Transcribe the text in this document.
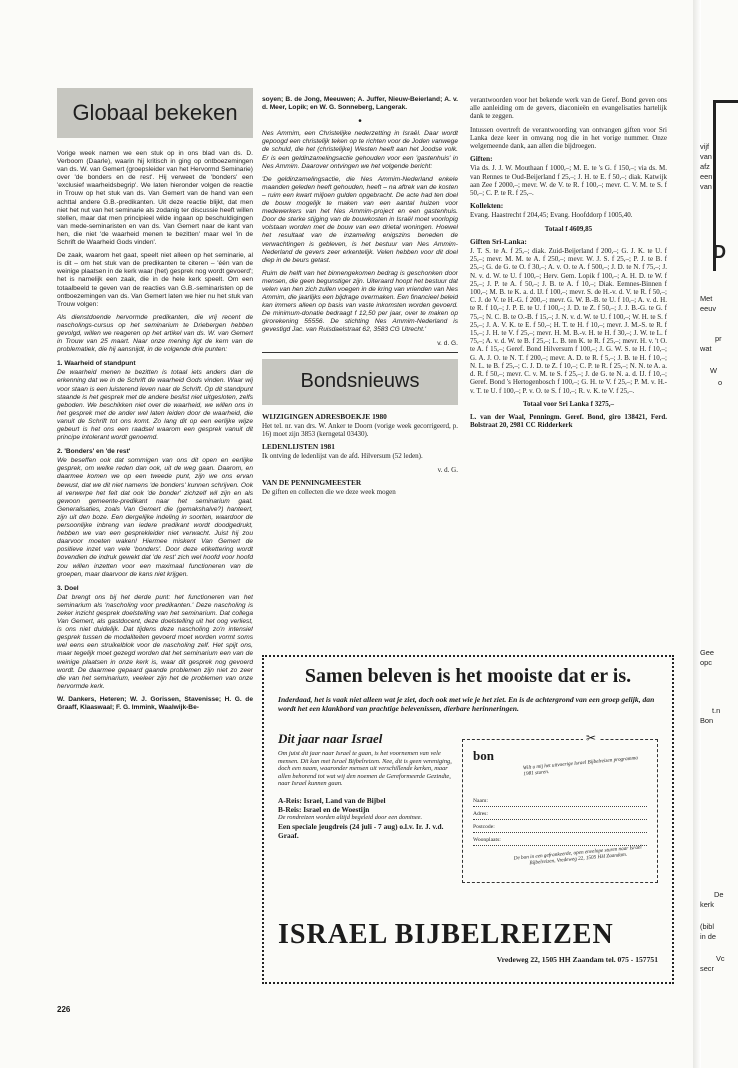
Globaal bekeken

Vorige week namen we een stuk op in ons blad van ds. D. Verboom (Daarle), waarin hij kritisch in ging op ontboezemingen van ds. W. van Gemert (groepsleider van het Hervormd Seminarie) over 'de bonders en de rest'. Hij verweet de 'bonders' een 'exclusief waarheidsbegrip'. We laten hieronder volgen de reactie in Trouw op het stuk van ds. Van Gemert van de hand van een achttal andere G.B.-predikanten. Uit deze reactie blijkt, dat men niet het nut van het seminarie als zodanig ter discussie heeft willen stellen, maar dat men principieel wilde ingaan op beschuldigingen van mede-seminaristen en van ds. Van Gemert naar de kant van hen, die niet 'de waarheid menen te bezitten' maar wel 'in de Schrift de Waarheid Gods vinden'.

De zaak, waarom het gaat, speelt niet alleen op het seminarie, al is dit – om het stuk van de predikanten te citeren – 'één van de weinige plaatsen in de kerk waar (het) gesprek nog wordt gevoerd'; het is namelijk een zaak, die in de hele kerk speelt. Om een totaalbeeld te geven van de reacties van G.B.-seminaristen op de ontboezemingen van ds. Van Gemert laten we hier nu het stuk van Trouw volgen:

Als dienstdoende hervormde predikanten, die vrij recent de nascholings-cursus op het seminarium te Driebergen hebben gevolgd, willen we reageren op het artikel van ds. W. van Gemert in Trouw van 25 maart. Naar onze mening ligt de kern van de problematiek, die hij aansnijdt, in de volgende drie punten:

1. Waarheid of standpunt

De waarheid menen te bezitten is totaal iets anders dan de erkenning dat we in de Schrift de waarheid Gods vinden. Waar wij voor staan is een luisterend leven naar de Schrift. Op dit standpunt staande is het gesprek met de andere beslist niet uitgesloten, zelfs geboden. We beschikken niet over de waarheid, we willen ons in het gesprek met de ander wel laten leiden door de waarheid, die vanuit de Schrift tot ons komt. Zo lang dit op een eerlijke wijze gebeurt is het ons een raadsel waarom een gesprek vanuit dit principe intolerant wordt genoemd.

2. 'Bonders' en 'de rest'

We beseffen ook dat sommigen van ons dit open en eerlijke gesprek, om welke reden dan ook, uit de weg gaan. Daarom, en daarmee komen we op een tweede punt, zijn we ons ervan bewust, dat we dit niet namens 'de bonders' kunnen schrijven. Ook al verwerpe het feit dat ook 'de bonder' zichzelf wil zijn en als gewoon gemeente-predikant naar het seminarium gaat. Generalisaties, zoals Van Gemert die (gemakshalve?) hanteert, zijn uit den boze. Een dergelijke indeling in soorten, waardoor de persoonlijke inbreng van iedere predikant wordt doodgedrukt, hebben we van een gesprekleider niet verwacht. Juist hij zou daarvoor moeten waken! Hiermee miskent Van Gemert de positieve inzet van vele 'bonders'. Door deze etikettering wordt bovendien de indruk gewekt dat 'de rest' zich wel hoofd voor hoofd zou willen inzetten voor een maximaal functioneren van de groepen, maar daarvoor de kans niet krijgen.

3. Doel

Dat brengt ons bij het derde punt: het functioneren van het seminarium als 'nascholing voor predikanten.' Deze nascholing is zeker inzicht gesprek doelstelling van het seminarium. Dat collega Van Gemert, als gastdocent, deze doelstelling uit het oog verliest, is ons niet duidelijk. Dat tijdens deze nascholing zo'n intensief gesprek tussen de modaliteiten gevoerd moet worden vormt soms wel eens een struikelblok voor de nascholing zelf. Het spijt ons, maar tegelijk moet gezegd worden dat het seminarium een van de weinige plaatsen in onze kerk is, waar dit gesprek nog gevoerd wordt. De daarmee gepaard gaande problemen zijn niet zo zeer die van het seminarium, veeleer zijn het de problemen van onze hervormde kerk.

W. Dankers, Heteren; W. J. Gorissen, Stavenisse; H. G. de Graaff, Klaaswaal; F. G. Immink, Waalwijk-Be-

226

soyen; B. de Jong, Meeuwen; A. Juffer, Nieuw-Beierland; A. v. d. Meer, Lopik; en W. G. Sonneberg, Langerak.

•

Nes Ammim, een Christelijke nederzetting in Israël. Daar wordt gepoogd een christelijk teken op te richten voor de Joden vanwege de schuld, die het (christelijke) Westen heeft aan het Joodse volk. Er is een geldinzamelingsactie gehouden voor een 'gastenhuis' in Nes Ammim. Daarover ontvingen we het volgende bericht:

'De geldinzamelingsactie, die Nes Ammim-Nederland enkele maanden geleden heeft gehouden, heeft – na aftrek van de kosten – ruim een kwart miljoen gulden opgebracht. De acte had ten doel de bouw mogelijk te maken van een aantal huizen voor medewerkers van het Nes Ammim-project en een gastenhuis. Door de sterke stijging van de bouwkosten in Israël moet voorlopig volstaan worden met de bouw van een drietal woningen. Hoewel het resultaat van de inzameling enigszins beneden de verwachtingen is gebleven, is het bestuur van Nes Ammim-Nederland de gevers zeer erkentelijk. Velen hebben voor dit doel diep in de beurs getast.

Ruim de helft van het binnengekomen bedrag is geschonken door mensen, die geen begunstiger zijn. Uiteraard hoopt het bestuur dat velen van hen zich zullen voegen in de kring van vrienden van Nes Ammim, die jaarlijks een bijdrage overmaken. Een financieel beleid kan immers alleen op basis van vaste inkomsten worden gevoerd. De minimum-donatie bedraagt f 12,50 per jaar, over te maken op girorekening 55556. De stichting Nes Ammim-Nederland is gevestigd Jac. van Ruisdaelstraat 62, 3583 CG Utrecht.'

v. d. G.
Bondsnieuws
WIJZIGINGEN ADRESBOEKJE 1980

Het tel. nr. van drs. W. Anker te Doorn (vorige week gecorrigeerd, p. 16) moet zijn 3853 (kerngetal 03430).

LEDENLIJSTEN 1981

Ik ontving de ledenlijst van de afd. Hilversum (52 leden).

v. d. G.
VAN DE PENNINGMEESTER

De giften en collecten die we deze week mogen

verantwoorden voor het bekende werk van de Geref. Bond geven ons alle aanleiding om de gevers, diaconieën en evangelisaties hartelijk dank te zeggen.

Intussen overtreft de verantwoording van ontvangen giften voor Sri Lanka deze keer in omvang nog die in het vorige nummer. Onze welgemeende dank, aan allen die bijdroegen.

Giften:

Via ds. J. J. W. Mouthaan f 1000,–; M. E. te 's G. f 150,–; via ds. M. van Rennes te Oud-Beijerland f 25,–; J. H. te E. f 50,–; diak. Katwijk aan Zee f 2000,–; mevr. W. de V. te R. f 100,–; mevr. C. V. M. te S. f 50,–; C. P. te R. f 25,–.

Kollekten:

Evang. Haastrecht f 204,45; Evang. Hoofddorp f 1005,40.

Totaal f 4609,85
Giften Sri-Lanka:

J. T. S. te A. f 25,–; diak. Zuid-Beijerland f 200,–; G. J. K. te U. f 25,–; mevr. M. M. te A. f 250,–; mevr. W. J. S. f 25,–; P. J. te B. f 25,–; G. de G. te O. f 30,–; A. v. O. te A. f 500,–; J. D. te N. f 75,–; J. N. v. d. W. te U. f 100,–; Herv. Gem. Lopik f 100,–; A. H. D. te W. f 25,–; J. P. te A. f 50,–; J. B. te A. f 10,–; Diak. Eemnes-Binnen f 100,–; M. B. te K. a. d. IJ. f 100,–; mevr. S. de H.-v. d. V. te R. f 50,–; C. J. de V. te H.-G. f 200,–; mevr. G. W. B.-B. te U. f 10,–; A. v. d. H. te R. f 10,–; J. P. E. te U. f 100,–; J. D. te Z. f 50,–; J. J. B.-G. te G. f 75,–; N. C. B. te O.-B. f 15,–; J. N. v. d. W. te U. f 100,–; W. H. te S. f 25,–; J. A. V. K. te E. f 50,–; H. T. te H. f 10,–; mevr. J. M.-S. te R. f 15,–; J. H. te V. f 25,–; mevr. H. M. B.-v. H. te H. f 30,–; J. W. te L. f 75,–; A. v. d. W. te B. f 25,–; L. B. ten K. te R. f 25,–; mevr. H. v. 't O. te A. f 15,–; Geref. Bond Hilversum f 100,–; J. G. W. S. te H. f 10,–; G. A. J. O. te N. T. f 200,–; mevr. A. D. te R. f 5,–; J. B. te H. f 10,–; N. L. te B. f 25,–; C. J. D. te Z. f 10,–; C. P. te R. f 25,–; N. N. te A. a. d. R. f 50,–; mevr. C. v. M. te S. f 25,–; J. de G. te N. a. d. IJ. f 10,–; Geref. Bond 's Hertogenbosch f 100,–; G. H. te V. f 25,–; P. M. v. H.-v. T. te U. f 100,–; P. v. O. te S. f 10,–; R. v. K. te V. f 25,–.

Totaal voor Sri Lanka f 3275,–

L. van der Waal, Penningm. Geref. Bond, giro 138421, Ferd. Bolstraat 20, 2981 CC Ridderkerk

Samen beleven is het mooiste dat er is.
Inderdaad, het is vaak niet alleen wat je ziet, doch ook met wie je het ziet. En is de achtergrond van een groep gelijk, dan wordt het een klankbord van prachtige belevenissen, dierbare herinneringen.
Dit jaar naar Israel
Om juist dit jaar naar Israel te gaan, is het voornemen van vele mensen. Dit kan met Israel Bijbelreizen. Nee, dit is geen vereniging, doch een naam, waaronder mensen uit verschillende kerken, maar allen behorend tot wat wij den noemen de Gereformeerde Gezindte, naar Israel kunnen gaan.
A-Reis: Israel, Land van de Bijbel
B-Reis: Israel en de Woestijn
De rondreizen worden altijd begeleid door een dominee.
Een speciale jeugdreis (24 juli - 7 aug) o.l.v. Ir. J. v.d. Graaf.
✂
bon	Wilt u mij het uitvoerige Israel Bijbelreizen programma 1981 sturen.
Naam:
Adres:
Postcode:
Woonplaats:
De bon in een gefrankeerde, open envelope sturen naar Israel Bijbelreizen, Vredeweg 22, 1505 HH Zaandam.
ISRAEL BIJBELREIZEN
Vredeweg 22, 1505 HH Zaandam tel. 075 - 157751
vijf
van
afz
een
van
D
Met
eeuv
pr
wat
W
o
Gee
opc
t.n
Bon
De
kerk
(bibl
in de
Vc
secr
